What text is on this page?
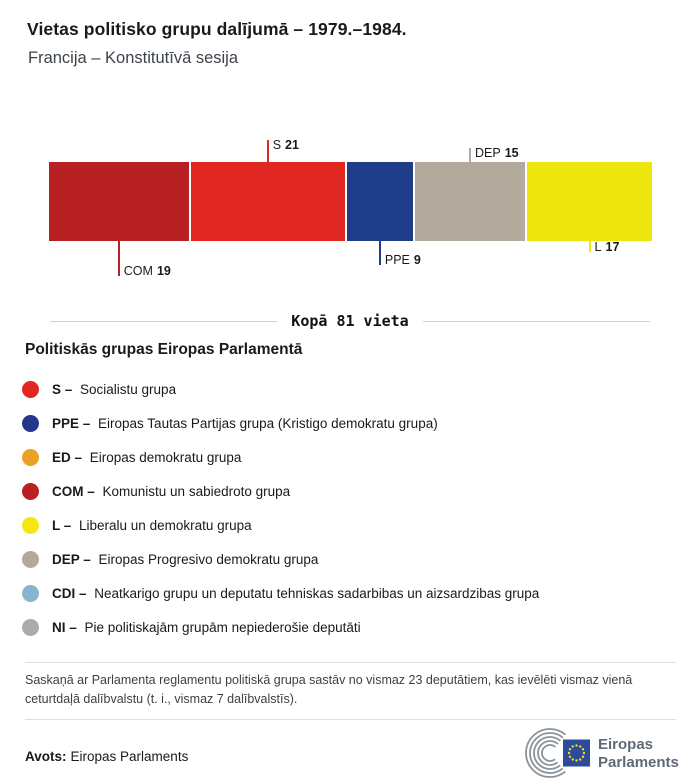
Vietas politisko grupu dalījumā – 1979.–1984.
Francija – Konstitutīvā sesija
COM 19
S 21
PPE 9
DEP 15
L 17
Kopā 81 vieta
Politiskās grupas Eiropas Parlamentā
S – Socialistu grupa
PPE – Eiropas Tautas Partijas grupa (Kristigo demokratu grupa)
ED – Eiropas demokratu grupa
COM – Komunistu un sabiedroto grupa
L – Liberalu un demokratu grupa
DEP – Eiropas Progresivo demokratu grupa
CDI – Neatkarigo grupu un deputatu tehniskas sadarbibas un aizsardzibas grupa
NI – Pie politiskajām grupām nepiederošie deputāti

Saskaņā ar Parlamenta reglamentu politiskā grupa sastāv no vismaz 23 deputātiem, kas ievēlēti vismaz vienā ceturtdaļā dalībvalstu (t. i., vismaz 7 dalībvalstīs).

Avots: Eiropas Parlaments
Eiropas
Parlaments
